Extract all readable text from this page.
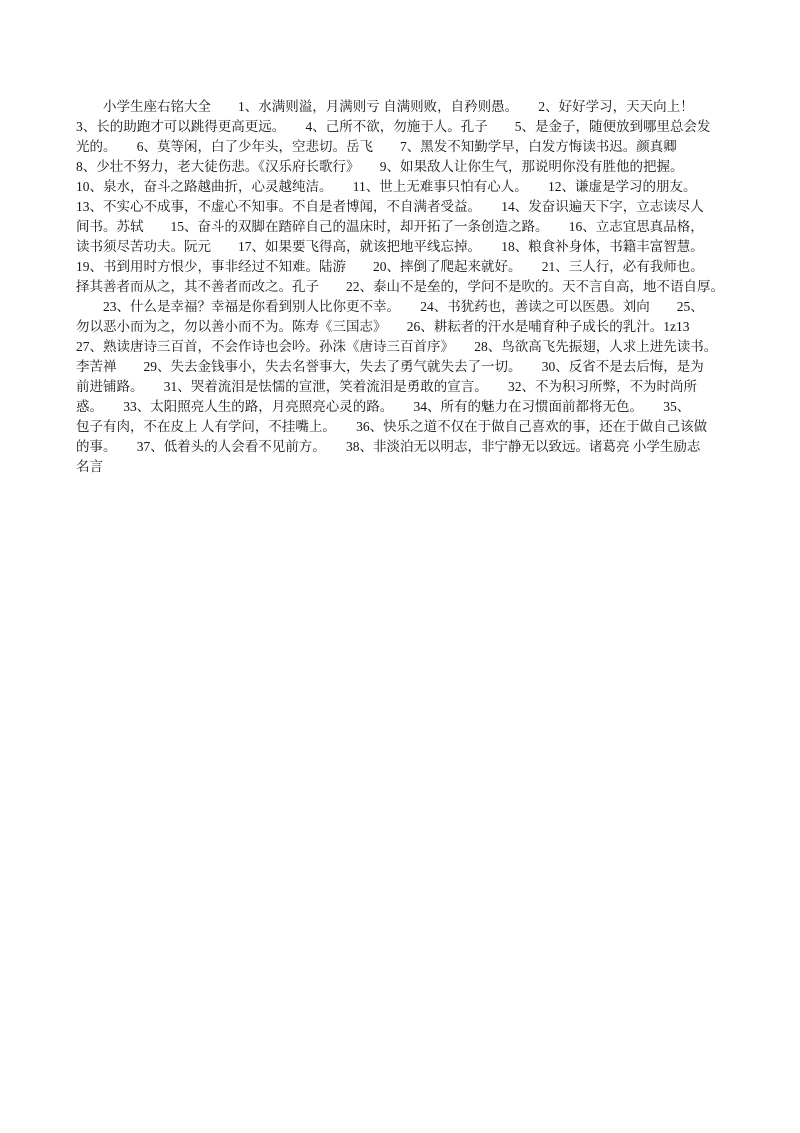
　　小学生座右铭大全　　1、水满则溢，月满则亏 自满则败，自矜则愚。　　2、好好学习，天天向上！
3、长的助跑才可以跳得更高更远。　　4、己所不欲，勿施于人。孔子　　5、是金子，随便放到哪里总会发
光的。　　6、莫等闲，白了少年头，空悲切。岳飞　　7、黑发不知勤学早，白发方悔读书迟。颜真卿
8、少壮不努力，老大徒伤悲。《汉乐府长歌行》　　9、如果敌人让你生气，那说明你没有胜他的把握。
10、泉水，奋斗之路越曲折，心灵越纯洁。　　11、世上无难事只怕有心人。　　12、谦虚是学习的朋友。
13、不实心不成事，不虚心不知事。不自是者博闻，不自满者受益。　　14、发奋识遍天下字，立志读尽人
间书。苏轼　　15、奋斗的双脚在踏碎自己的温床时，却开拓了一条创造之路。　　16、立志宜思真品格，
读书须尽苦功夫。阮元　　17、如果要飞得高，就该把地平线忘掉。　　18、粮食补身体，书籍丰富智慧。
19、书到用时方恨少，事非经过不知难。陆游　　20、摔倒了爬起来就好。　　21、三人行，必有我师也。
择其善者而从之，其不善者而改之。孔子　　22、泰山不是垒的，学问不是吹的。天不言自高，地不语自厚。
　　23、什么是幸福？幸福是你看到别人比你更不幸。　　24、书犹药也，善读之可以医愚。刘向　　25、
勿以恶小而为之，勿以善小而不为。陈寿《三国志》　　26、耕耘者的汗水是哺育种子成长的乳汁。1z13
27、熟读唐诗三百首，不会作诗也会吟。孙洙《唐诗三百首序》　　28、鸟欲高飞先振翅，人求上进先读书。
李苦禅　　29、失去金钱事小，失去名誉事大，失去了勇气就失去了一切。　　30、反省不是去后悔，是为
前进铺路。　　31、哭着流泪是怯懦的宣泄，笑着流泪是勇敢的宣言。　　32、不为积习所弊，不为时尚所
惑。　　33、太阳照亮人生的路，月亮照亮心灵的路。　　34、所有的魅力在习惯面前都将无色。　　35、
包子有肉，不在皮上 人有学问，不挂嘴上。　　36、快乐之道不仅在于做自己喜欢的事，还在于做自己该做
的事。　　37、低着头的人会看不见前方。　　38、非淡泊无以明志，非宁静无以致远。诸葛亮 小学生励志
名言
